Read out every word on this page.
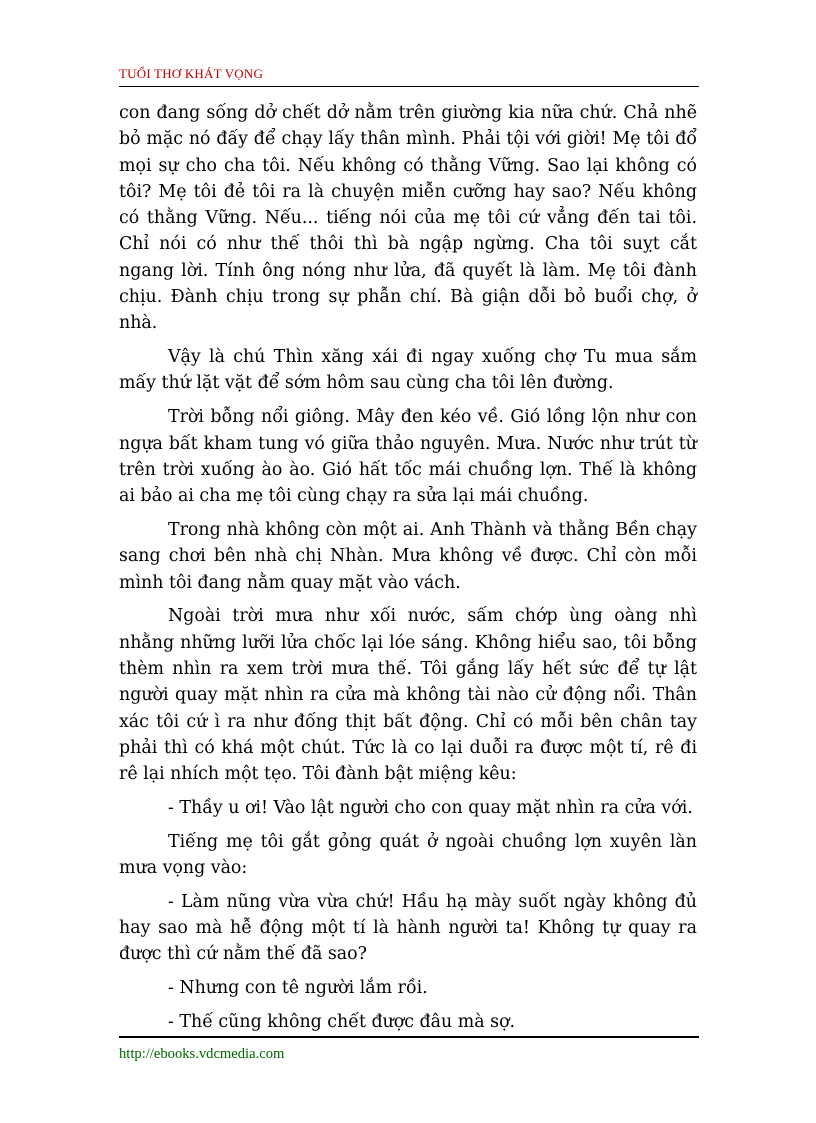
TUỔI THƠ KHÁT VỌNG

con đang sống dở chết dở nằm trên giường kia nữa chứ. Chả nhẽ bỏ mặc nó đấy để chạy lấy thân mình. Phải tội với giời! Mẹ tôi đổ mọi sự cho cha tôi. Nếu không có thằng Vững. Sao lại không có tôi? Mẹ tôi đẻ tôi ra là chuyện miễn cưỡng hay sao? Nếu không có thằng Vững. Nếu... tiếng nói của mẹ tôi cứ vẳng đến tai tôi. Chỉ nói có như thế thôi thì bà ngập ngừng. Cha tôi suỵt cắt ngang lời. Tính ông nóng như lửa, đã quyết là làm. Mẹ tôi đành chịu. Đành chịu trong sự phẫn chí. Bà giận dỗi bỏ buổi chợ, ở nhà.

Vậy là chú Thìn xăng xái đi ngay xuống chợ Tu mua sắm mấy thứ lặt vặt để sớm hôm sau cùng cha tôi lên đường.

Trời bỗng nổi giông. Mây đen kéo về. Gió lồng lộn như con ngựa bất kham tung vó giữa thảo nguyên. Mưa. Nước như trút từ trên trời xuống ào ào. Gió hất tốc mái chuồng lợn. Thế là không ai bảo ai cha mẹ tôi cùng chạy ra sửa lại mái chuồng.

Trong nhà không còn một ai. Anh Thành và thằng Bền chạy sang chơi bên nhà chị Nhàn. Mưa không về được. Chỉ còn mỗi mình tôi đang nằm quay mặt vào vách.

Ngoài trời mưa như xối nước, sấm chớp ùng oàng nhì nhằng những lưỡi lửa chốc lại lóe sáng. Không hiểu sao, tôi bỗng thèm nhìn ra xem trời mưa thế. Tôi gắng lấy hết sức để tự lật người quay mặt nhìn ra cửa mà không tài nào cử động nổi. Thân xác tôi cứ ì ra như đống thịt bất động. Chỉ có mỗi bên chân tay phải thì có khá một chút. Tức là co lại duỗi ra được một tí, rê đi rê lại nhích một tẹo. Tôi đành bật miệng kêu:

- Thầy u ơi! Vào lật người cho con quay mặt nhìn ra cửa với.

Tiếng mẹ tôi gắt gỏng quát ở ngoài chuồng lợn xuyên làn mưa vọng vào:

- Làm nũng vừa vừa chứ! Hầu hạ mày suốt ngày không đủ hay sao mà hễ động một tí là hành người ta! Không tự quay ra được thì cứ nằm thế đã sao?

- Nhưng con tê người lắm rồi.

- Thế cũng không chết được đâu mà sợ.

http://ebooks.vdcmedia.com
